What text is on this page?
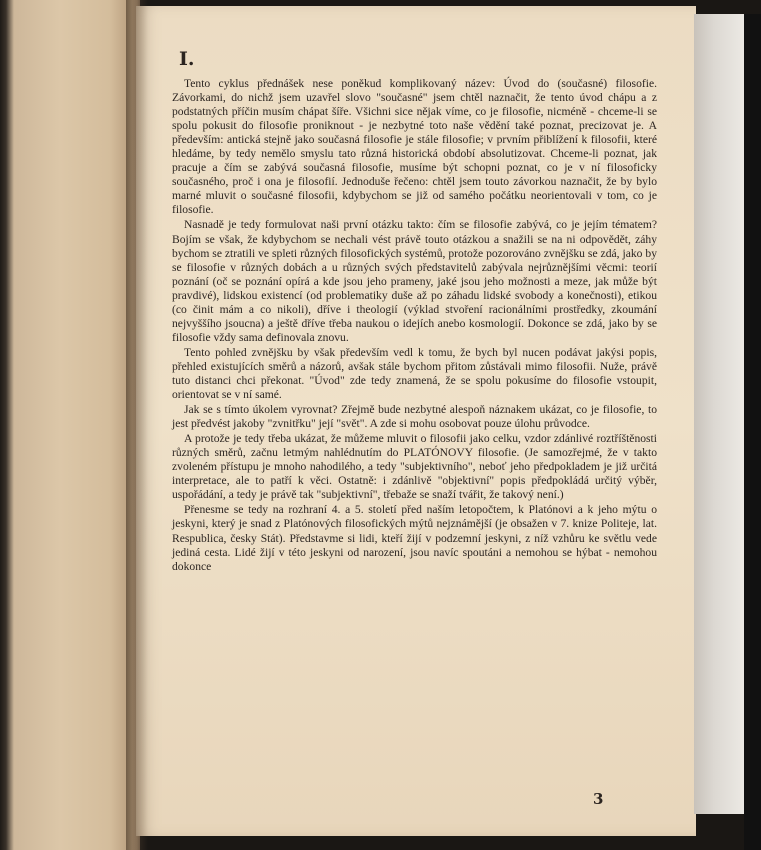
I.

Tento cyklus přednášek nese poněkud komplikovaný název: Úvod do (současné) filosofie. Závorkami, do nichž jsem uzavřel slovo "současné" jsem chtěl naznačit, že tento úvod chápu a z podstatných příčin musím chápat šíře. Všichni sice nějak víme, co je filosofie, nicméně - chceme-li se spolu pokusit do filosofie proniknout - je nezbytné toto naše vědění také poznat, precizovat je. A především: antická stejně jako současná filosofie je stále filosofie; v prvním přiblížení k filosofii, které hledáme, by tedy nemělo smyslu tato různá historická období absolutizovat. Chceme-li poznat, jak pracuje a čím se zabývá současná filosofie, musíme být schopni poznat, co je v ní filosoficky současného, proč i ona je filosofií. Jednoduše řečeno: chtěl jsem touto závorkou naznačit, že by bylo marné mluvit o současné filosofii, kdybychom se již od samého počátku neorientovali v tom, co je filosofie.

Nasnadě je tedy formulovat naši první otázku takto: čím se filosofie zabývá, co je jejím tématem? Bojím se však, že kdybychom se nechali vést právě touto otázkou a snažili se na ni odpovědět, záhy bychom se ztratili ve spleti různých filosofických systémů, protože pozorováno zvnějšku se zdá, jako by se filosofie v různých dobách a u různých svých představitelů zabývala nejrůznějšími věcmi: teorií poznání (oč se poznání opírá a kde jsou jeho prameny, jaké jsou jeho možnosti a meze, jak může být pravdivé), lidskou existencí (od problematiky duše až po záhadu lidské svobody a konečnosti), etikou (co činit mám a co nikoli), dříve i theologií (výklad stvoření racionálními prostředky, zkoumání nejvyššího jsoucna) a ještě dříve třeba naukou o idejích anebo kosmologií. Dokonce se zdá, jako by se filosofie vždy sama definovala znovu.

Tento pohled zvnějšku by však především vedl k tomu, že bych byl nucen podávat jakýsi popis, přehled existujících směrů a názorů, avšak stále bychom přitom zůstávali mimo filosofii. Nuže, právě tuto distanci chci překonat. "Úvod" zde tedy znamená, že se spolu pokusíme do filosofie vstoupit, orientovat se v ní samé.

Jak se s tímto úkolem vyrovnat? Zřejmě bude nezbytné alespoň náznakem ukázat, co je filosofie, to jest předvést jakoby "zvnitřku" její "svět". A zde si mohu osobovat pouze úlohu průvodce.

A protože je tedy třeba ukázat, že můžeme mluvit o filosofii jako celku, vzdor zdánlivé roztříštěnosti různých směrů, začnu letmým nahlédnutím do PLATÓNOVY filosofie. (Je samozřejmé, že v takto zvoleném přístupu je mnoho nahodilého, a tedy "subjektivního", neboť jeho předpokladem je již určitá interpretace, ale to patří k věci. Ostatně: i zdánlivě "objektivní" popis předpokládá určitý výběr, uspořádání, a tedy je právě tak "subjektivní", třebaže se snaží tvářit, že takový není.)

Přenesme se tedy na rozhraní 4. a 5. století před naším letopočtem, k Platónovi a k jeho mýtu o jeskyni, který je snad z Platónových filosofických mýtů nejznámější (je obsažen v 7. knize Politeje, lat. Respublica, česky Stát). Představme si lidi, kteří žijí v podzemní jeskyni, z níž vzhůru ke světlu vede jediná cesta. Lidé žijí v této jeskyni od narození, jsou navíc spoutáni a nemohou se hýbat - nemohou dokonce

3
